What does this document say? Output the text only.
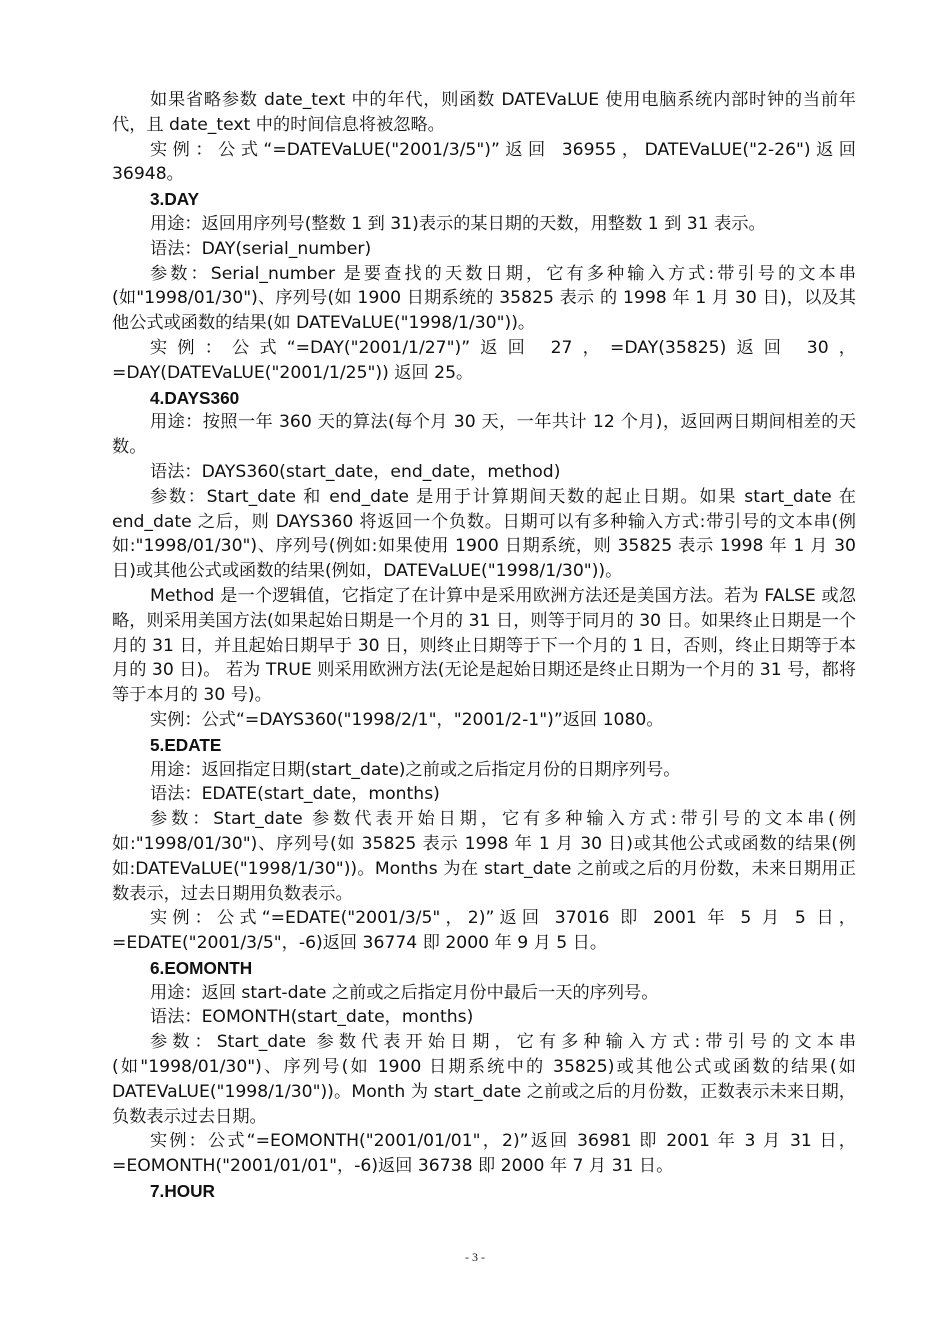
如果省略参数 date_text 中的年代，则函数 DATEVaLUE 使用电脑系统内部时钟的当前年代，且 date_text 中的时间信息将被忽略。

实例：公式“=DATEVaLUE("2001/3/5")”返回 36955，DATEVaLUE("2-26")返回 36948。

3.DAY

用途：返回用序列号(整数 1 到 31)表示的某日期的天数，用整数 1 到 31 表示。

语法：DAY(serial_number)

参数：Serial_number 是要查找的天数日期，它有多种输入方式:带引号的文本串(如"1998/01/30")、序列号(如 1900 日期系统的 35825 表示 的 1998 年 1 月 30 日)，以及其他公式或函数的结果(如 DATEVaLUE("1998/1/30"))。

实例：公式“=DAY("2001/1/27")”返回 27，=DAY(35825)返回 30，=DAY(DATEVaLUE("2001/1/25")) 返回 25。

4.DAYS360

用途：按照一年 360 天的算法(每个月 30 天，一年共计 12 个月)，返回两日期间相差的天数。

语法：DAYS360(start_date，end_date，method)

参数：Start_date 和 end_date 是用于计算期间天数的起止日期。如果 start_date 在 end_date 之后，则 DAYS360 将返回一个负数。日期可以有多种输入方式:带引号的文本串(例如:"1998/01/30")、序列号(例如:如果使用 1900 日期系统，则 35825 表示 1998 年 1 月 30 日)或其他公式或函数的结果(例如，DATEVaLUE("1998/1/30"))。

Method 是一个逻辑值，它指定了在计算中是采用欧洲方法还是美国方法。若为 FALSE 或忽略，则采用美国方法(如果起始日期是一个月的 31 日，则等于同月的 30 日。如果终止日期是一个月的 31 日，并且起始日期早于 30 日，则终止日期等于下一个月的 1 日，否则，终止日期等于本月的 30 日)。 若为 TRUE 则采用欧洲方法(无论是起始日期还是终止日期为一个月的 31 号，都将等于本月的 30 号)。

实例：公式“=DAYS360("1998/2/1"，"2001/2-1")”返回 1080。

5.EDATE

用途：返回指定日期(start_date)之前或之后指定月份的日期序列号。

语法：EDATE(start_date，months)

参数：Start_date 参数代表开始日期，它有多种输入方式:带引号的文本串(例如:"1998/01/30")、序列号(如 35825 表示 1998 年 1 月 30 日)或其他公式或函数的结果(例如:DATEVaLUE("1998/1/30"))。Months 为在 start_date 之前或之后的月份数，未来日期用正数表示，过去日期用负数表示。

实例：公式“=EDATE("2001/3/5"，2)”返回 37016 即 2001 年 5 月 5 日，=EDATE("2001/3/5"，-6)返回 36774 即 2000 年 9 月 5 日。

6.EOMONTH

用途：返回 start-date 之前或之后指定月份中最后一天的序列号。

语法：EOMONTH(start_date，months)

参数：Start_date 参数代表开始日期，它有多种输入方式:带引号的文本串(如"1998/01/30")、序列号(如 1900 日期系统中的 35825)或其他公式或函数的结果(如 DATEVaLUE("1998/1/30"))。Month 为 start_date 之前或之后的月份数，正数表示未来日期，负数表示过去日期。

实例：公式“=EOMONTH("2001/01/01"，2)”返回 36981 即 2001 年 3 月 31 日，=EOMONTH("2001/01/01"，-6)返回 36738 即 2000 年 7 月 31 日。

7.HOUR

- 3 -
